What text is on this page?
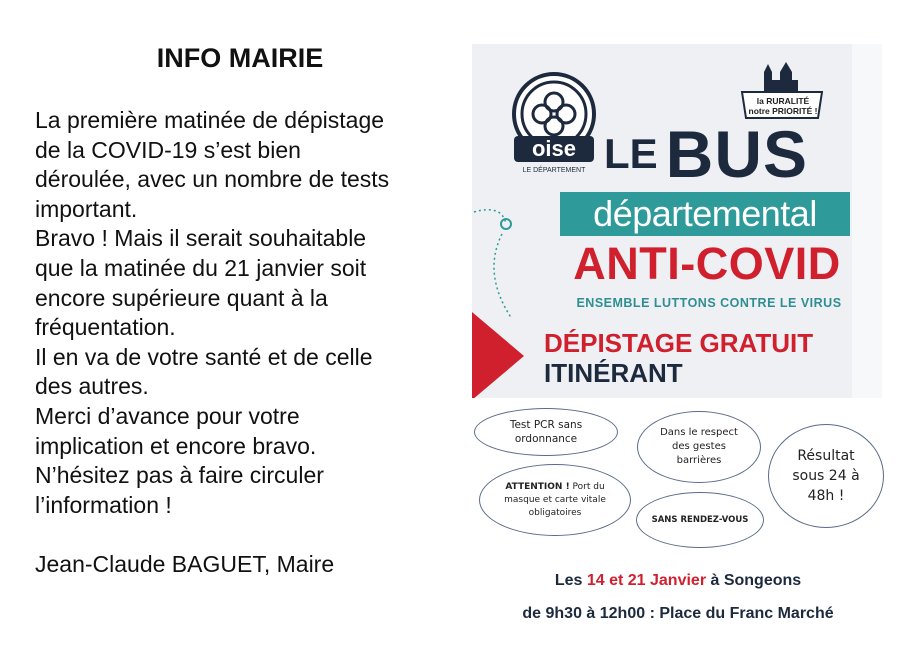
INFO MAIRIE
La première matinée de dépistage
de la COVID-19 s’est bien
déroulée, avec un nombre de tests
important.
Bravo ! Mais il serait souhaitable
que la matinée du 21 janvier soit
encore supérieure quant à la
fréquentation.
Il en va de votre santé et de celle
des autres.
Merci d’avance pour votre
implication et encore bravo.
N’hésitez pas à faire circuler
l’information !
Jean-Claude BAGUET, Maire
oise
LE DÉPARTEMENT
la RURALITÉ
notre PRIORITÉ !
LE BUS
départemental
ANTI-COVID
ENSEMBLE LUTTONS CONTRE LE VIRUS
DÉPISTAGE GRATUIT
ITINÉRANT
Test PCR sans
ordonnance
Dans le respect
des gestes
barrières	Résultat
sous 24 à
48h !
ATTENTION ! Port du masque et carte vitale obligatoires
SANS RENDEZ-VOUS
Les 14 et 21 Janvier à Songeons
de 9h30 à 12h00 : Place du Franc Marché
